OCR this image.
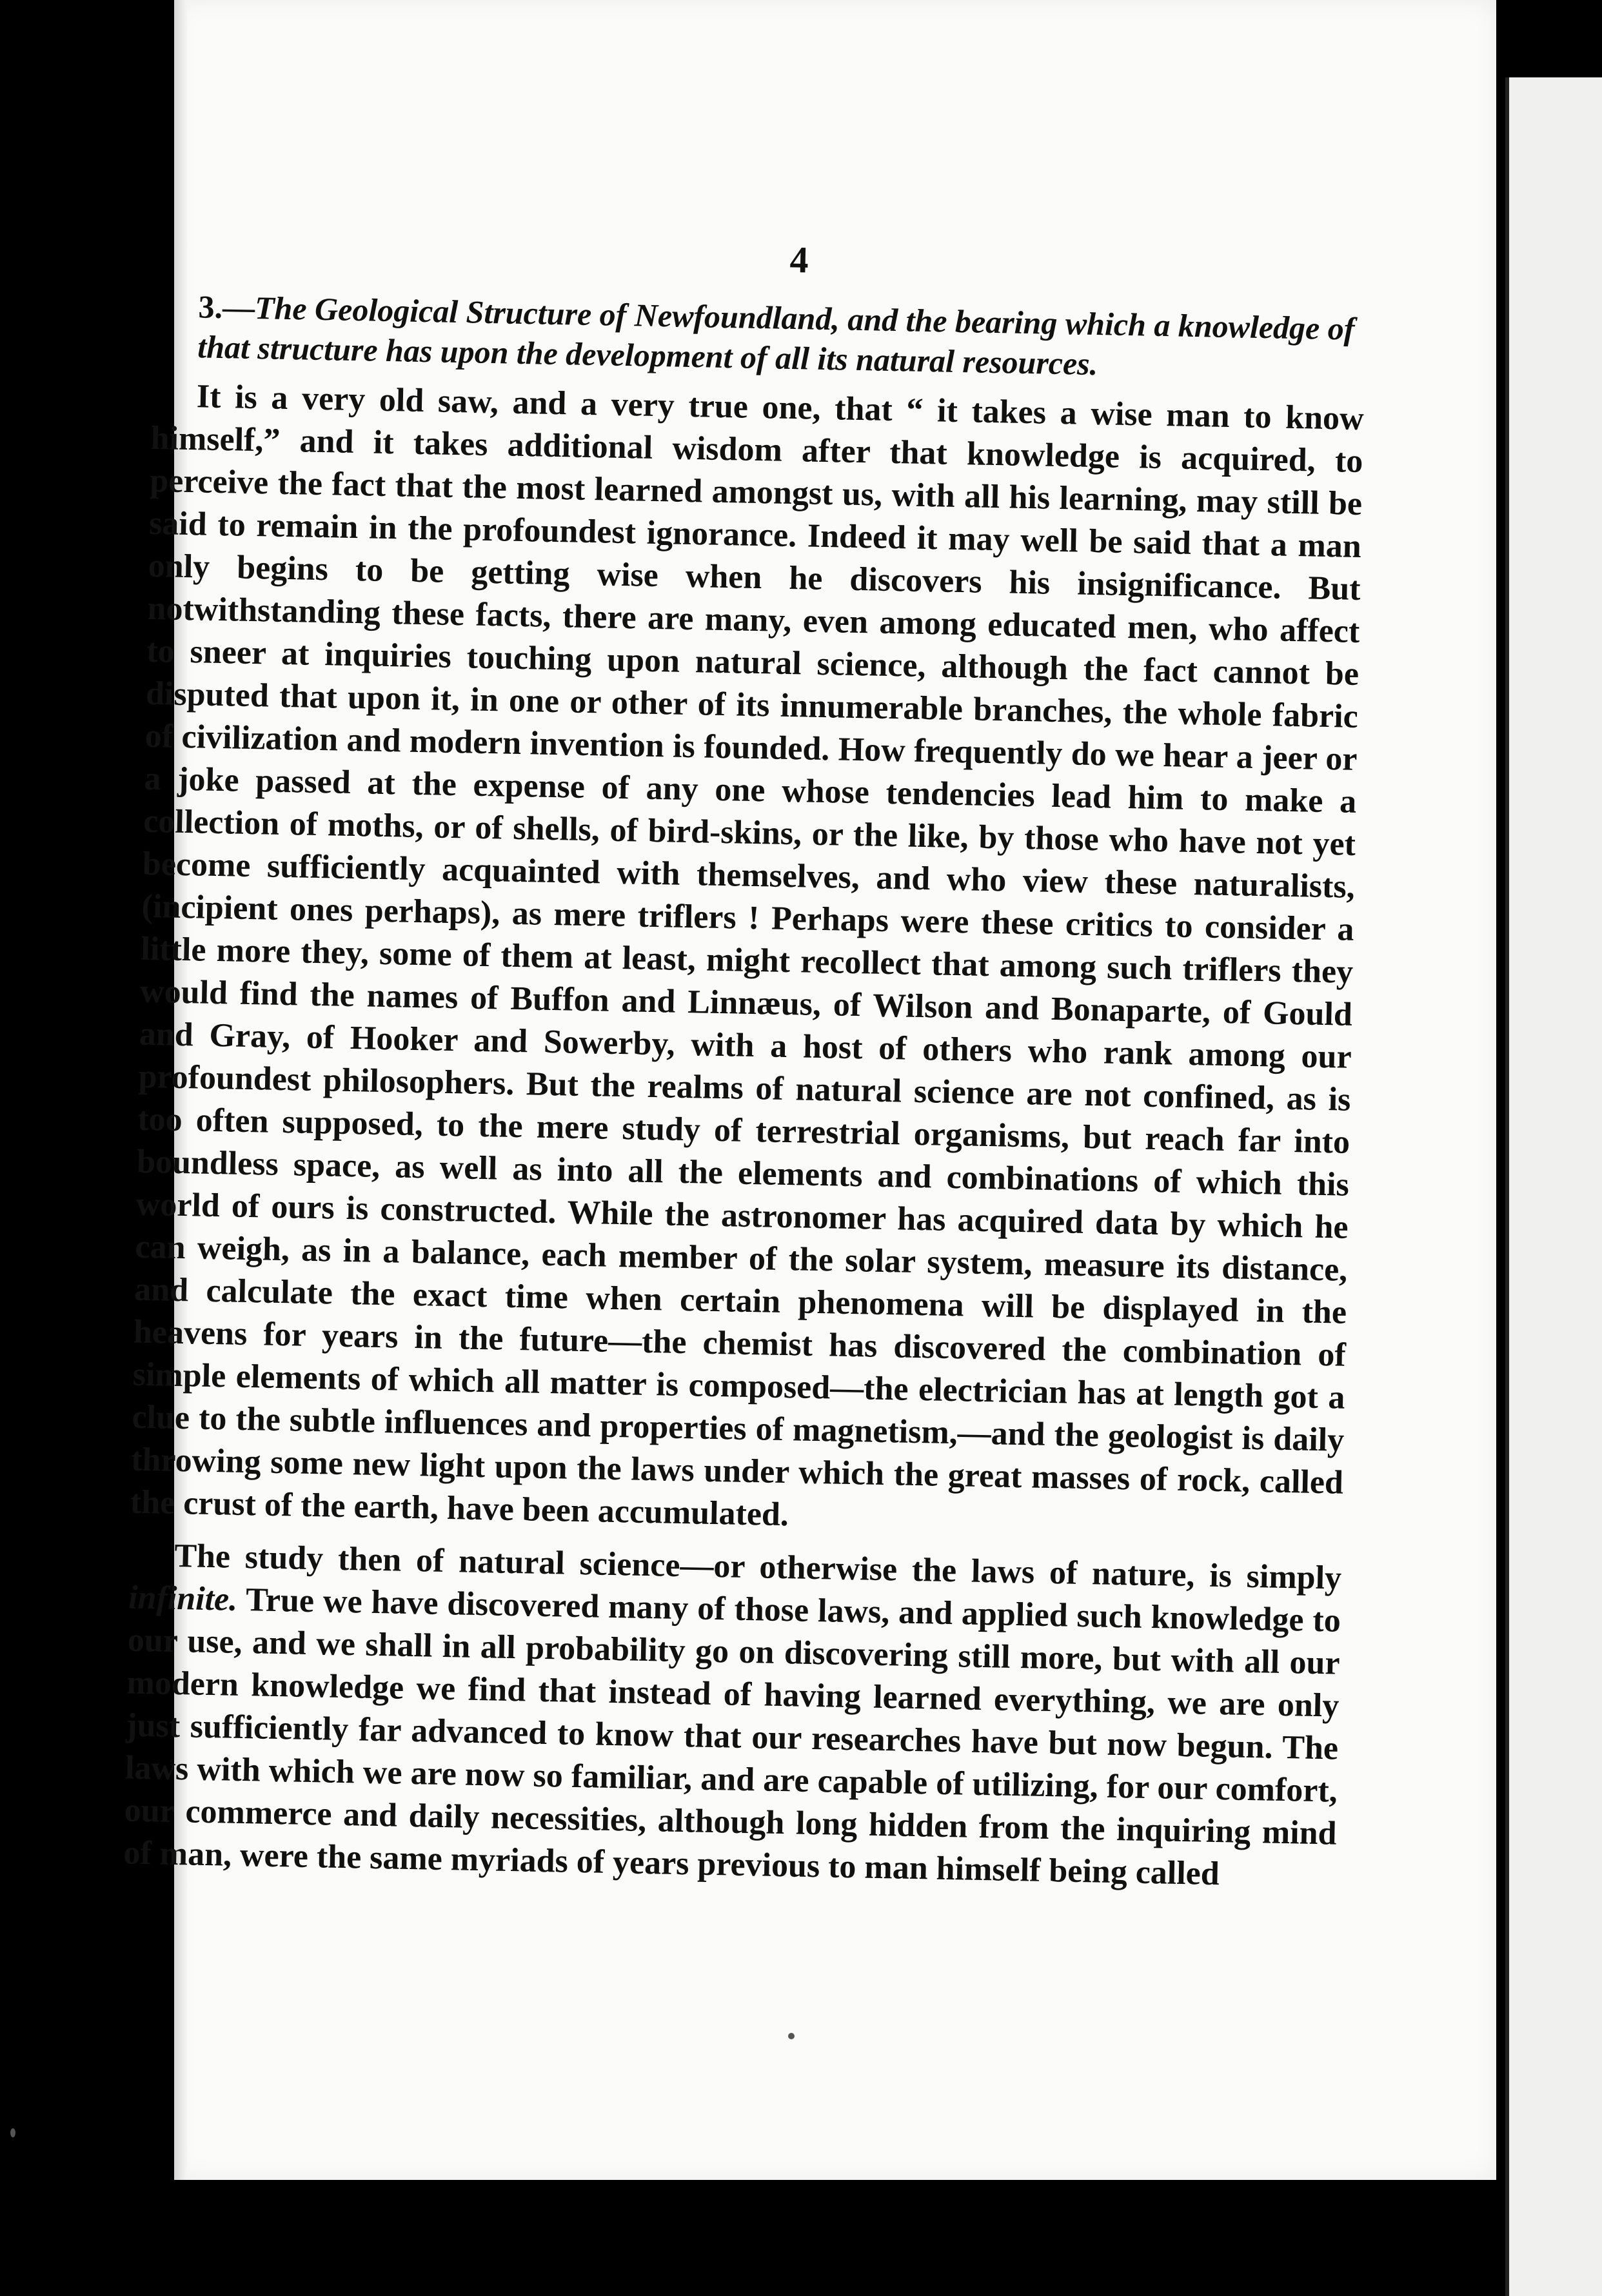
4

3.—The Geological Structure of Newfoundland, and the bearing which a knowledge of that structure has upon the development of all its natural resources.

It is a very old saw, and a very true one, that “ it takes a wise man to know himself,” and it takes additional wisdom after that knowledge is acquired, to perceive the fact that the most learned amongst us, with all his learning, may still be said to remain in the profoundest ignorance. Indeed it may well be said that a man only begins to be getting wise when he discovers his insignificance. But notwithstanding these facts, there are many, even among educated men, who affect to sneer at inquiries touching upon natural science, although the fact cannot be disputed that upon it, in one or other of its innumerable branches, the whole fabric of civilization and modern invention is founded. How frequently do we hear a jeer or a joke passed at the expense of any one whose tendencies lead him to make a collection of moths, or of shells, of bird-skins, or the like, by those who have not yet become sufficiently acquainted with themselves, and who view these naturalists, (incipient ones perhaps), as mere triflers ! Perhaps were these critics to consider a little more they, some of them at least, might recollect that among such triflers they would find the names of Buffon and Linnæus, of Wilson and Bonaparte, of Gould and Gray, of Hooker and Sowerby, with a host of others who rank among our profoundest philosophers. But the realms of natural science are not confined, as is too often supposed, to the mere study of terrestrial organisms, but reach far into boundless space, as well as into all the elements and combinations of which this world of ours is constructed. While the astronomer has acquired data by which he can weigh, as in a balance, each member of the solar system, measure its distance, and calculate the exact time when certain phenomena will be displayed in the heavens for years in the future—the chemist has discovered the combination of simple elements of which all matter is composed—the electrician has at length got a clue to the subtle influences and properties of magnetism,—and the geologist is daily throwing some new light upon the laws under which the great masses of rock, called the crust of the earth, have been accumulated.

The study then of natural science—or otherwise the laws of nature, is simply infinite. True we have discovered many of those laws, and applied such knowledge to our use, and we shall in all probability go on discovering still more, but with all our modern knowledge we find that instead of having learned everything, we are only just sufficiently far advanced to know that our researches have but now begun. The laws with which we are now so familiar, and are capable of utilizing, for our comfort, our commerce and daily necessities, although long hidden from the inquiring mind of man, were the same myriads of years previous to man himself being called
